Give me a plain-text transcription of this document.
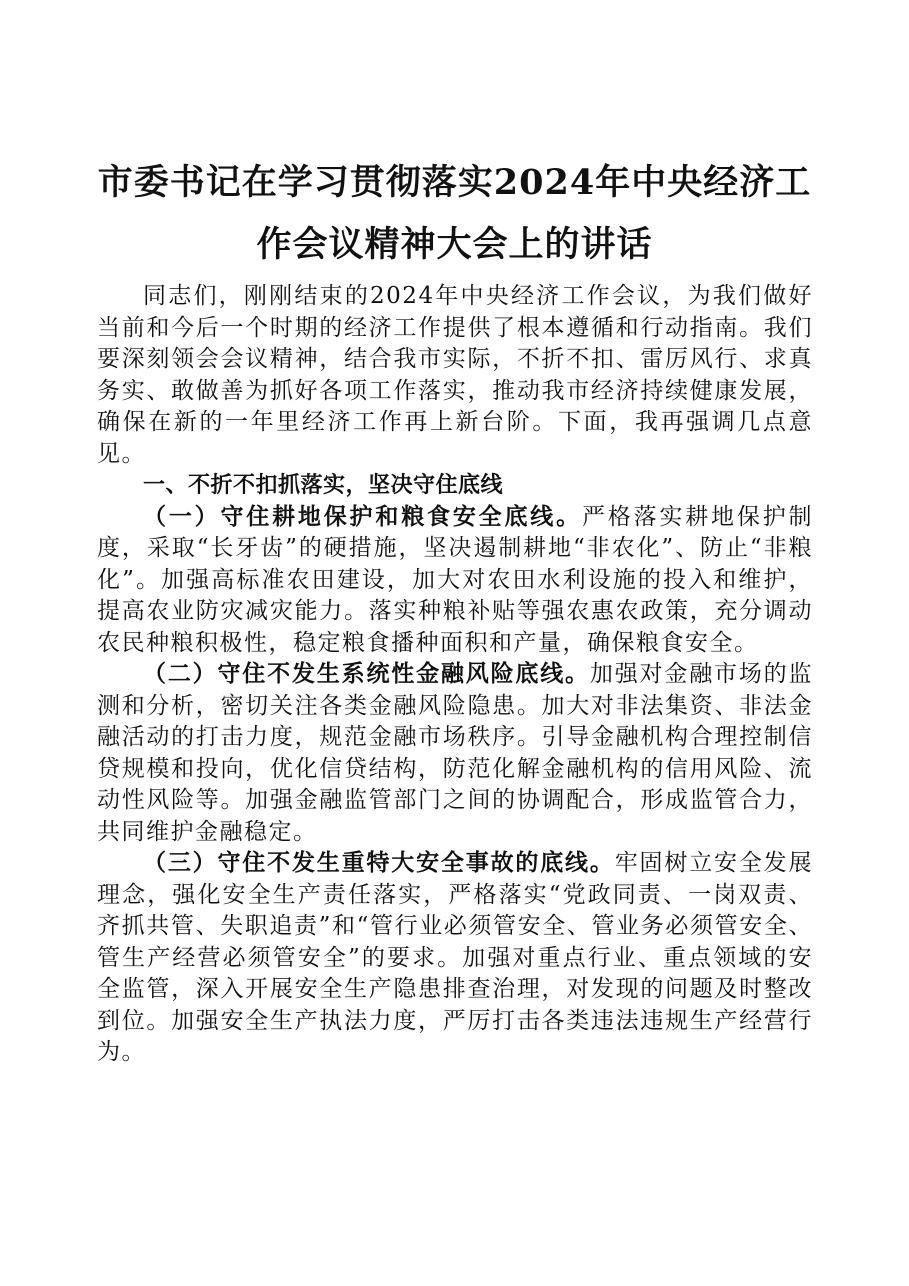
市委书记在学习贯彻落实2024年中央经济工
作会议精神大会上的讲话

同志们，刚刚结束的2024年中央经济工作会议，为我们做好当前和今后一个时期的经济工作提供了根本遵循和行动指南。我们要深刻领会会议精神，结合我市实际，不折不扣、雷厉风行、求真务实、敢做善为抓好各项工作落实，推动我市经济持续健康发展，确保在新的一年里经济工作再上新台阶。下面，我再强调几点意见。

一、不折不扣抓落实，坚决守住底线

（一）守住耕地保护和粮食安全底线。严格落实耕地保护制度，采取“长牙齿”的硬措施，坚决遏制耕地“非农化”、防止“非粮化”。加强高标准农田建设，加大对农田水利设施的投入和维护，提高农业防灾减灾能力。落实种粮补贴等强农惠农政策，充分调动农民种粮积极性，稳定粮食播种面积和产量，确保粮食安全。

（二）守住不发生系统性金融风险底线。加强对金融市场的监测和分析，密切关注各类金融风险隐患。加大对非法集资、非法金融活动的打击力度，规范金融市场秩序。引导金融机构合理控制信贷规模和投向，优化信贷结构，防范化解金融机构的信用风险、流动性风险等。加强金融监管部门之间的协调配合，形成监管合力，共同维护金融稳定。

（三）守住不发生重特大安全事故的底线。牢固树立安全发展理念，强化安全生产责任落实，严格落实“党政同责、一岗双责、齐抓共管、失职追责”和“管行业必须管安全、管业务必须管安全、管生产经营必须管安全”的要求。加强对重点行业、重点领域的安全监管，深入开展安全生产隐患排查治理，对发现的问题及时整改到位。加强安全生产执法力度，严厉打击各类违法违规生产经营行为。
